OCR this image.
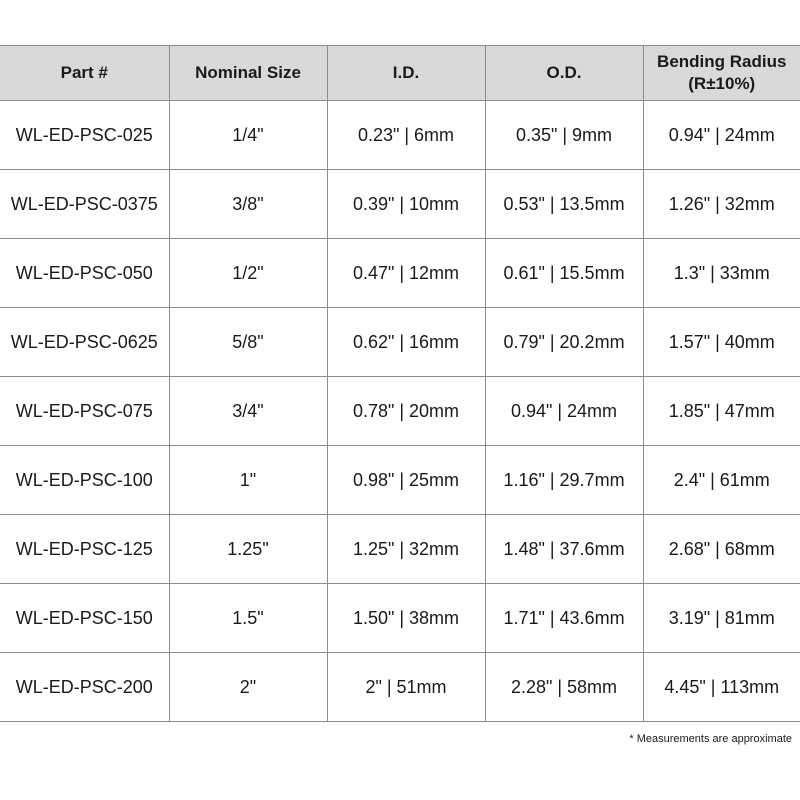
Part #	Nominal Size	I.D.	O.D.	Bending Radius
(R±10%)
WL-ED-PSC-025	1/4"	0.23" | 6mm	0.35" | 9mm	0.94" | 24mm
WL-ED-PSC-0375	3/8"	0.39" | 10mm	0.53" | 13.5mm	1.26" | 32mm
WL-ED-PSC-050	1/2"	0.47" | 12mm	0.61" | 15.5mm	1.3" | 33mm
WL-ED-PSC-0625	5/8"	0.62" | 16mm	0.79" | 20.2mm	1.57" | 40mm
WL-ED-PSC-075	3/4"	0.78" | 20mm	0.94" | 24mm	1.85" | 47mm
WL-ED-PSC-100	1"	0.98" | 25mm	1.16" | 29.7mm	2.4" | 61mm
WL-ED-PSC-125	1.25"	1.25" | 32mm	1.48" | 37.6mm	2.68" | 68mm
WL-ED-PSC-150	1.5"	1.50" | 38mm	1.71" | 43.6mm	3.19" | 81mm
WL-ED-PSC-200	2"	2" | 51mm	2.28" | 58mm	4.45" | 113mm
* Measurements are approximate
